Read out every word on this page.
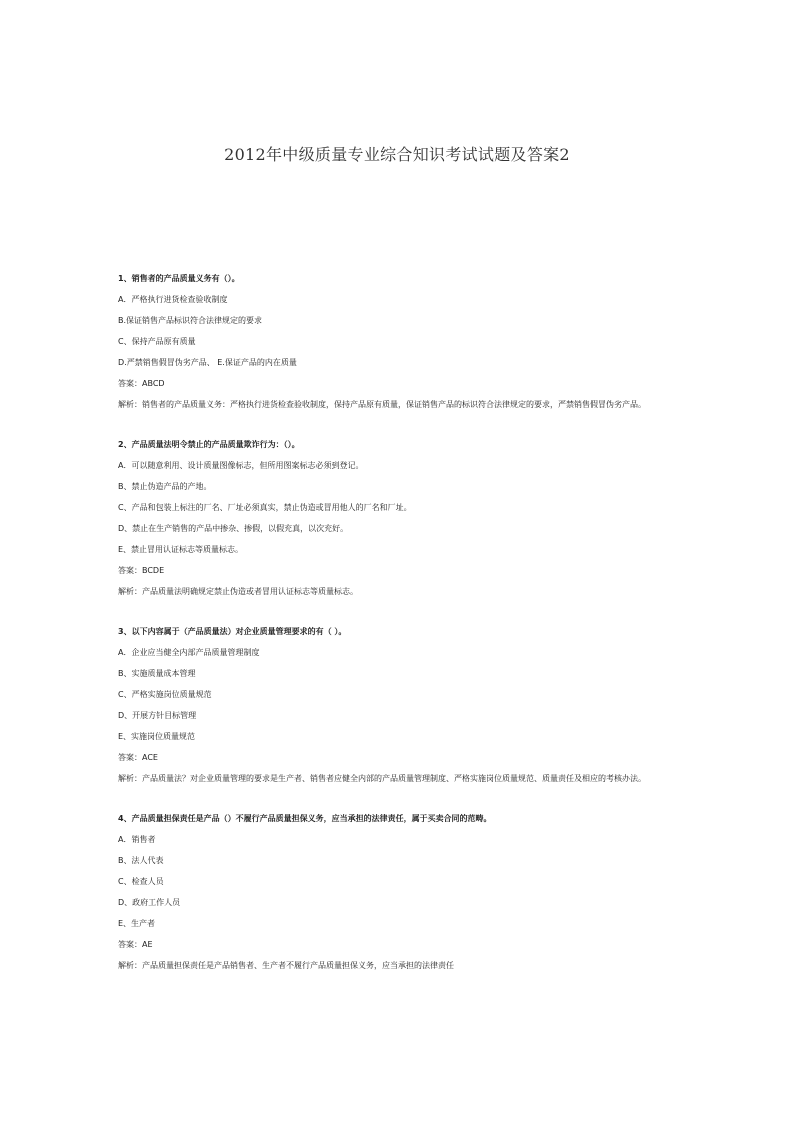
2012年中级质量专业综合知识考试试题及答案2
1、销售者的产品质量义务有（）。
A．严格执行进货检查验收制度
B.保证销售产品标识符合法律规定的要求
C、保持产品原有质量
D.严禁销售假冒伪劣产品、 E.保证产品的内在质量
答案：ABCD
解析：销售者的产品质量义务：严格执行进货检查验收制度，保持产品原有质量，保证销售产品的标识符合法律规定的要求，严禁销售假冒伪劣产品。
2、产品质量法明令禁止的产品质量欺诈行为：（）。
A．可以随意利用、设计质量图像标志，但所用图案标志必须到登记。
B、禁止伪造产品的产地。
C、产品和包装上标注的厂名、厂址必须真实，禁止伪造或冒用他人的厂名和厂址。
D、禁止在生产销售的产品中掺杂、掺假，以假充真，以次充好。
E、禁止冒用认证标志等质量标志。
答案：BCDE
解析：产品质量法明确规定禁止伪造或者冒用认证标志等质量标志。
3、以下内容属于（产品质量法）对企业质量管理要求的有（ ）。
A．企业应当健全内部产品质量管理制度
B、实施质量成本管理
C、严格实施岗位质量规范
D、开展方针目标管理
E、实施岗位质量规范
答案：ACE
解析：产品质量法？对企业质量管理的要求是生产者、销售者应健全内部的产品质量管理制度、严格实施岗位质量规范、质量责任及相应的考核办法。
4、产品质量担保责任是产品（）不履行产品质量担保义务，应当承担的法律责任，属于买卖合同的范畴。
A．销售者
B、法人代表
C、检查人员
D、政府工作人员
E、生产者
答案：AE
解析：产品质量担保责任是产品销售者、生产者不履行产品质量担保义务，应当承担的法律责任
